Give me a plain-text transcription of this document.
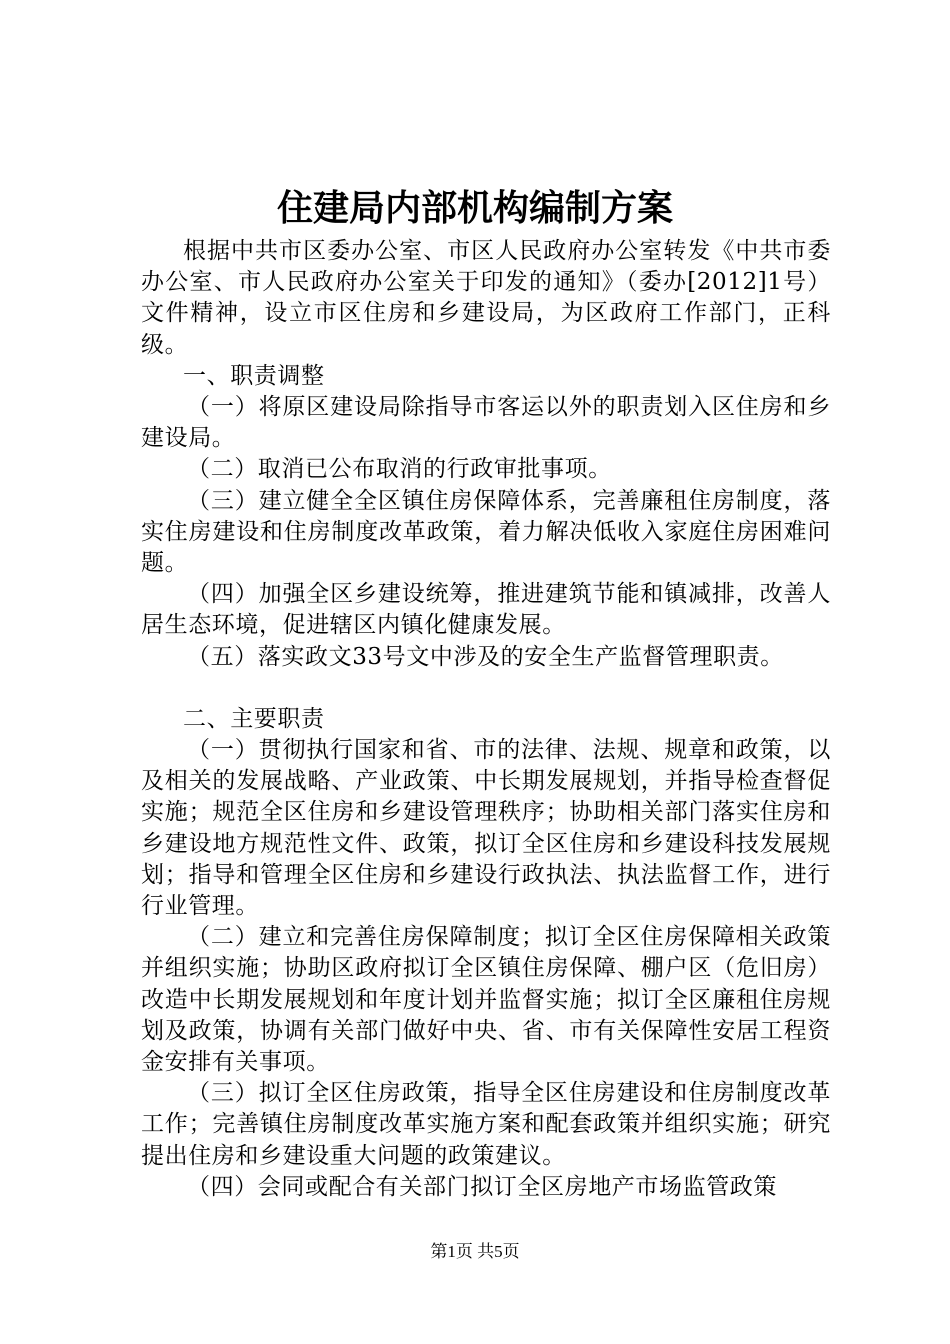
住建局内部机构编制方案

根据中共市区委办公室、市区人民政府办公室转发《中共市委办公室、市人民政府办公室关于印发的通知》（委办[2012]1号）文件精神，设立市区住房和乡建设局，为区政府工作部门，正科级。

一、职责调整

（一）将原区建设局除指导市客运以外的职责划入区住房和乡建设局。

（二）取消已公布取消的行政审批事项。

（三）建立健全全区镇住房保障体系，完善廉租住房制度，落实住房建设和住房制度改革政策，着力解决低收入家庭住房困难问题。

（四）加强全区乡建设统筹，推进建筑节能和镇减排，改善人居生态环境，促进辖区内镇化健康发展。

（五）落实政文33号文中涉及的安全生产监督管理职责。

二、主要职责

（一）贯彻执行国家和省、市的法律、法规、规章和政策，以及相关的发展战略、产业政策、中长期发展规划，并指导检查督促实施；规范全区住房和乡建设管理秩序；协助相关部门落实住房和乡建设地方规范性文件、政策，拟订全区住房和乡建设科技发展规划；指导和管理全区住房和乡建设行政执法、执法监督工作，进行行业管理。

（二）建立和完善住房保障制度；拟订全区住房保障相关政策并组织实施；协助区政府拟订全区镇住房保障、棚户区（危旧房）改造中长期发展规划和年度计划并监督实施；拟订全区廉租住房规划及政策，协调有关部门做好中央、省、市有关保障性安居工程资金安排有关事项。

（三）拟订全区住房政策，指导全区住房建设和住房制度改革工作；完善镇住房制度改革实施方案和配套政策并组织实施；研究提出住房和乡建设重大问题的政策建议。

（四）会同或配合有关部门拟订全区房地产市场监管政策

第1页 共5页
